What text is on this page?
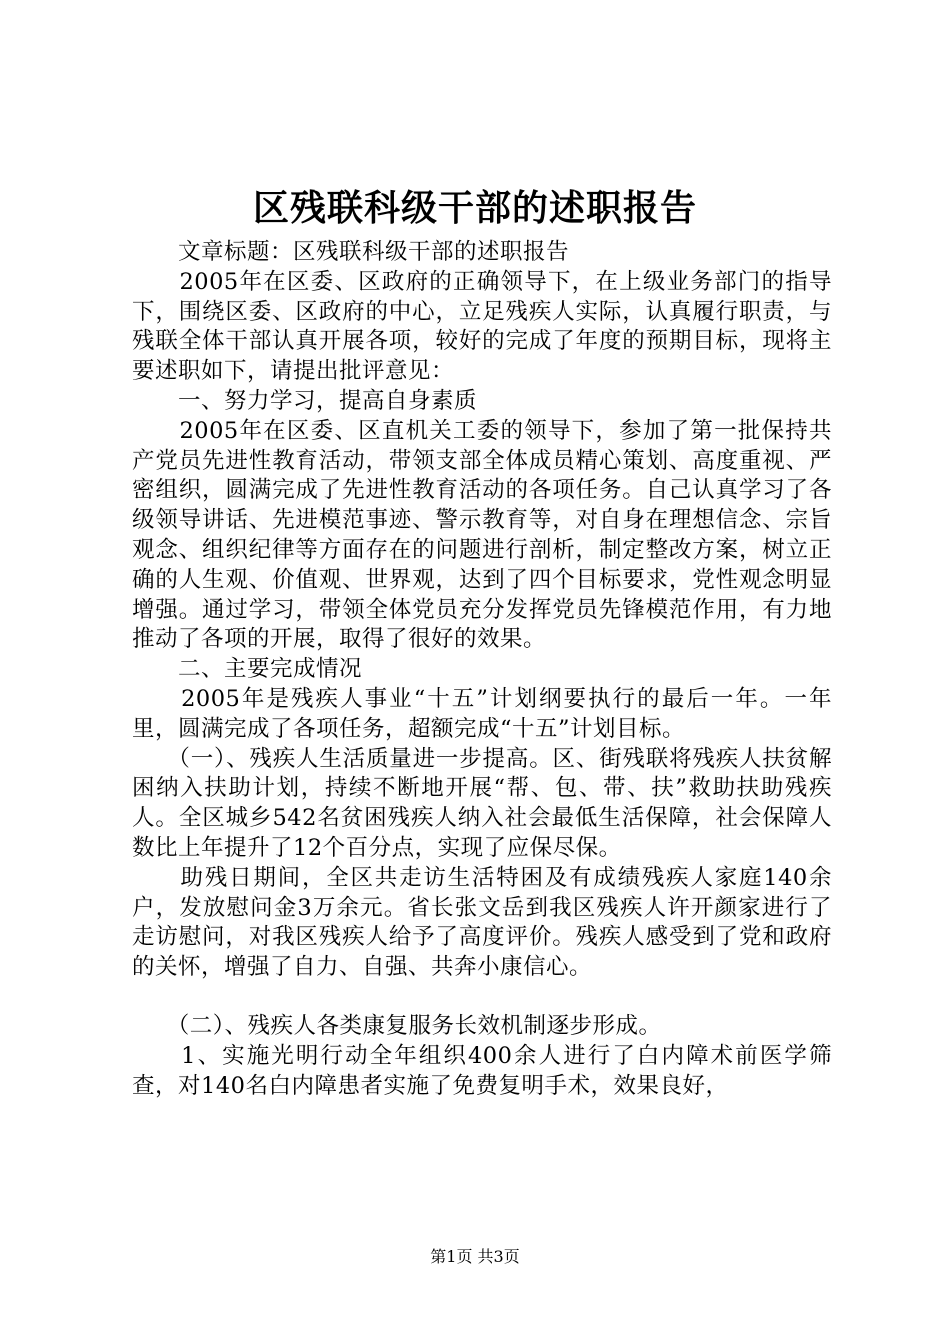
区残联科级干部的述职报告

　　文章标题：区残联科级干部的述职报告

　　2005年在区委、区政府的正确领导下，在上级业务部门的指导下，围绕区委、区政府的中心，立足残疾人实际，认真履行职责，与残联全体干部认真开展各项，较好的完成了年度的预期目标，现将主要述职如下，请提出批评意见：

　　一、努力学习，提高自身素质

　　2005年在区委、区直机关工委的领导下，参加了第一批保持共产党员先进性教育活动，带领支部全体成员精心策划、高度重视、严密组织，圆满完成了先进性教育活动的各项任务。自己认真学习了各级领导讲话、先进模范事迹、警示教育等，对自身在理想信念、宗旨观念、组织纪律等方面存在的问题进行剖析，制定整改方案，树立正确的人生观、价值观、世界观，达到了四个目标要求，党性观念明显增强。通过学习，带领全体党员充分发挥党员先锋模范作用，有力地推动了各项的开展，取得了很好的效果。

　　二、主要完成情况

　　2005年是残疾人事业“十五”计划纲要执行的最后一年。一年里，圆满完成了各项任务，超额完成“十五”计划目标。

　　（一）、残疾人生活质量进一步提高。区、街残联将残疾人扶贫解困纳入扶助计划，持续不断地开展“帮、包、带、扶”救助扶助残疾人。全区城乡542名贫困残疾人纳入社会最低生活保障，社会保障人数比上年提升了12个百分点，实现了应保尽保。

　　助残日期间，全区共走访生活特困及有成绩残疾人家庭140余户，发放慰问金3万余元。省长张文岳到我区残疾人许开颜家进行了走访慰问，对我区残疾人给予了高度评价。残疾人感受到了党和政府的关怀，增强了自力、自强、共奔小康信心。

　　（二）、残疾人各类康复服务长效机制逐步形成。

　　1、实施光明行动全年组织400余人进行了白内障术前医学筛查，对140名白内障患者实施了免费复明手术，效果良好，

第1页 共3页
